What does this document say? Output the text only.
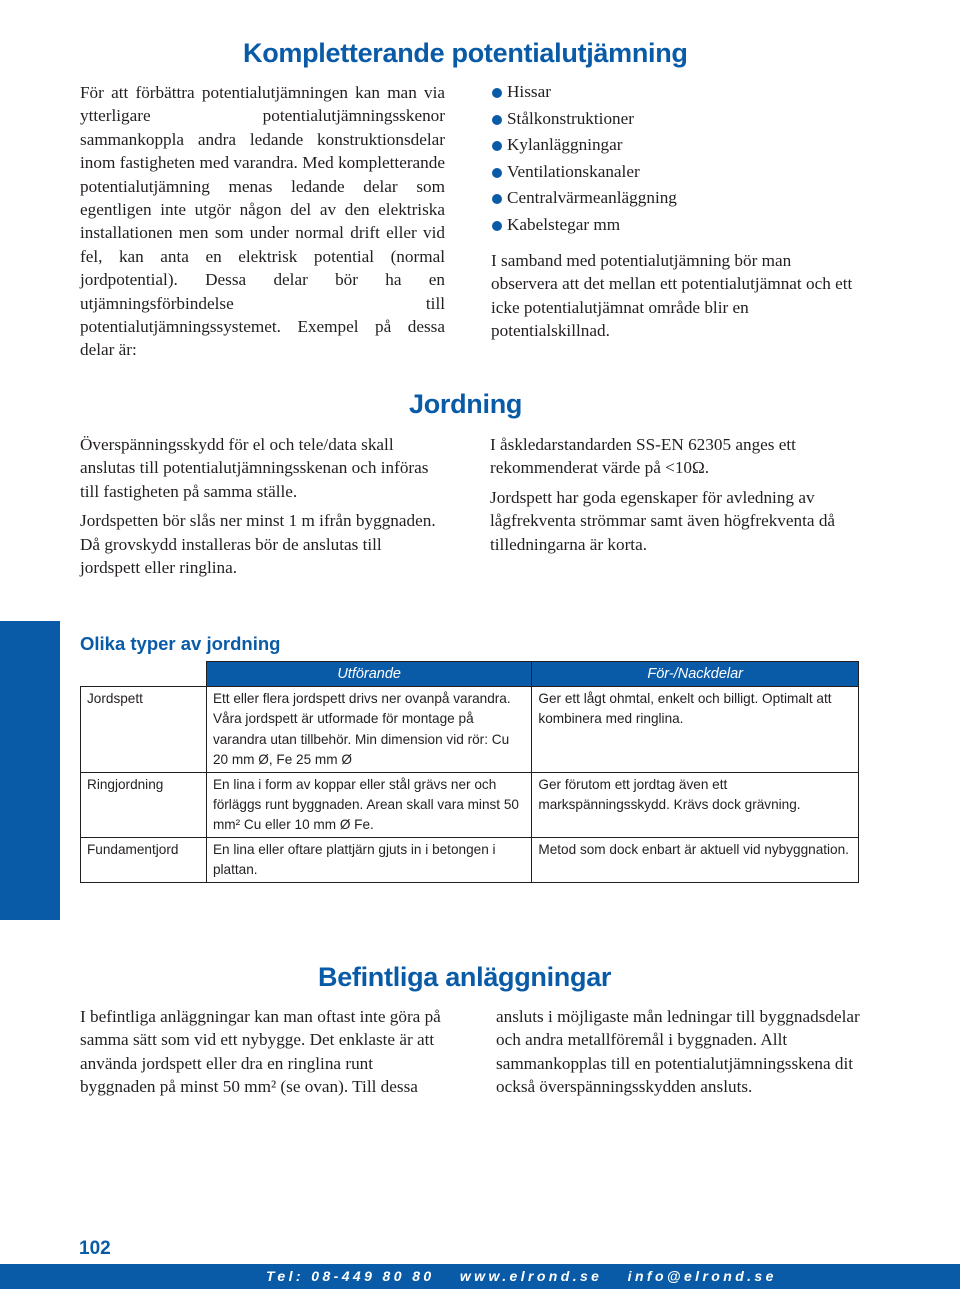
Kompletterande potentialutjämning

För att förbättra potentialutjämningen kan man via ytterligare potentialutjämningsskenor sammankoppla andra ledande konstruktionsdelar inom fastigheten med varandra. Med kompletterande potentialutjämning menas ledande delar som egentligen inte utgör någon del av den elektriska installationen men som under normal drift eller vid fel, kan anta en elektrisk potential (normal jordpotential). Dessa delar bör ha en utjämningsförbindelse till potentialutjämningssystemet. Exempel på dessa delar är:

Hissar
Stålkonstruktioner
Kylanläggningar
Ventilationskanaler
Centralvärmeanläggning
Kabelstegar mm

I samband med potentialutjämning bör man observera att det mellan ett potentialutjämnat och ett icke potentialutjämnat område blir en potentialskillnad.

Jordning

Överspänningsskydd för el och tele/data skall anslutas till potentialutjämningsskenan och införas till fastigheten på samma ställe.

Jordspetten bör slås ner minst 1 m ifrån byggnaden. Då grovskydd installeras bör de anslutas till jordspett eller ringlina.

I åskledarstandarden SS-EN 62305 anges ett rekommenderat värde på <10Ω.

Jordspett har goda egenskaper för avledning av lågfrekventa strömmar samt även högfrekventa då tilledningarna är korta.

Olika typer av jordning
	Utförande	För-/Nackdelar
Jordspett	Ett eller flera jordspett drivs ner ovanpå varandra. Våra jordspett är utformade för montage på varandra utan tillbehör. Min dimension vid rör: Cu 20 mm Ø, Fe 25 mm Ø	Ger ett lågt ohmtal, enkelt och billigt. Optimalt att kombinera med ringlina.
Ringjordning	En lina i form av koppar eller stål grävs ner och förläggs runt byggnaden. Arean skall vara minst 50 mm² Cu eller 10 mm Ø Fe.	Ger förutom ett jordtag även ett markspänningsskydd. Krävs dock grävning.
Fundamentjord	En lina eller oftare plattjärn gjuts in i betongen i plattan.	Metod som dock enbart är aktuell vid nybyggnation.
Befintliga anläggningar

I befintliga anläggningar kan man oftast inte göra på samma sätt som vid ett nybygge. Det enklaste är att använda jordspett eller dra en ringlina runt byggnaden på minst 50 mm² (se ovan). Till dessa ansluts i möjligaste mån ledningar till byggnadsdelar och andra metallföremål i byggnaden. Allt sammankopplas till en potentialutjämningsskena dit också överspänningsskydden ansluts.

102
Tel: 08-449 80 80 www.elrond.se info@elrond.se
